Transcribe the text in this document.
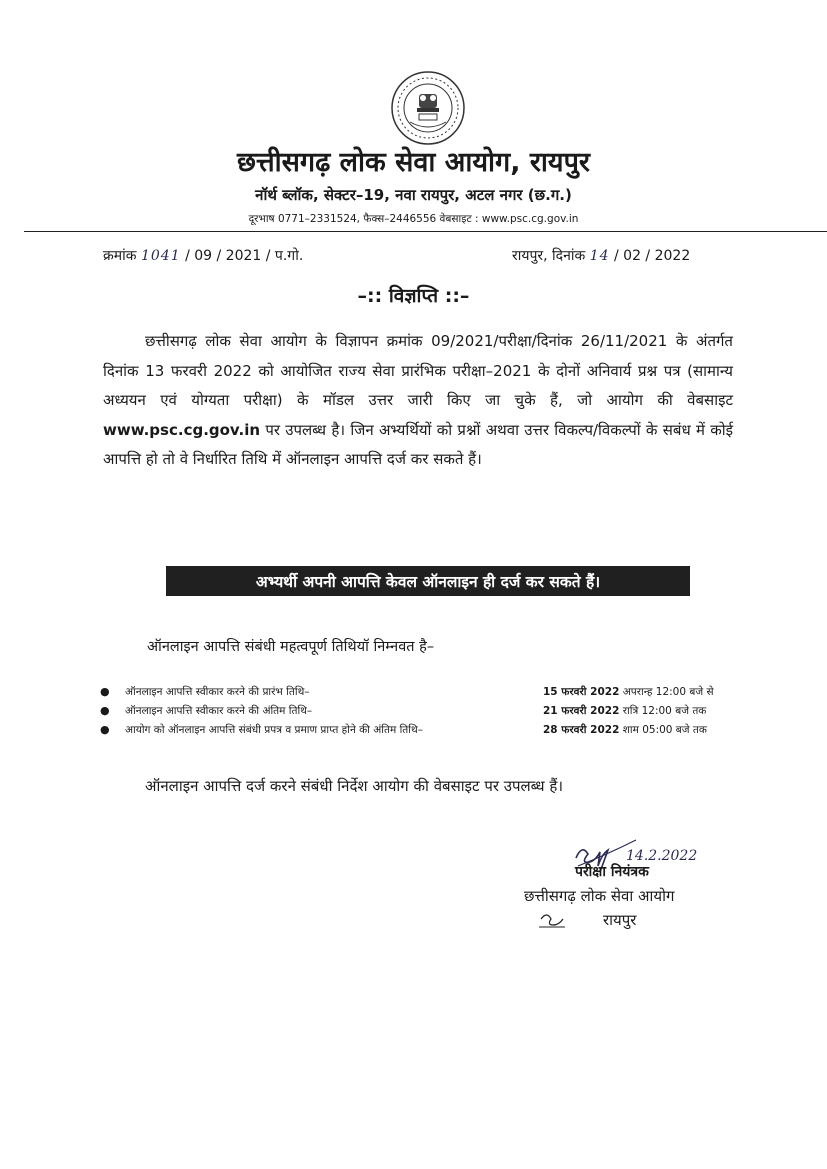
छत्तीसगढ़ लोक सेवा आयोग, रायपुर
नॉर्थ ब्लॉक, सेक्टर–19, नवा रायपुर, अटल नगर (छ.ग.)
दूरभाष 0771–2331524, फैक्स–2446556 वेबसाइट : www.psc.cg.gov.in
क्रमांक 1041 / 09 / 2021 / प.गो.	रायपुर, दिनांक 14 / 02 / 2022
–:: विज्ञप्ति ::–
छत्तीसगढ़ लोक सेवा आयोग के विज्ञापन क्रमांक 09/2021/परीक्षा/दिनांक 26/11/2021 के अंतर्गत दिनांक 13 फरवरी 2022 को आयोजित राज्य सेवा प्रारंभिक परीक्षा–2021 के दोनों अनिवार्य प्रश्न पत्र (सामान्य अध्ययन एवं योग्यता परीक्षा) के मॉडल उत्तर जारी किए जा चुके हैं, जो आयोग की वेबसाइट www.psc.cg.gov.in पर उपलब्ध है। जिन अभ्यर्थियों को प्रश्नों अथवा उत्तर विकल्प/विकल्पों के सबंध में कोई आपत्ति हो तो वे निर्धारित तिथि में ऑनलाइन आपत्ति दर्ज कर सकते हैं।
अभ्यर्थी अपनी आपत्ति केवल ऑनलाइन ही दर्ज कर सकते हैं।
ऑनलाइन आपत्ति संबंधी महत्वपूर्ण तिथियॉ निम्नवत है–
● ऑनलाइन आपत्ति स्वीकार करने की प्रारंभ तिथि–	15 फरवरी 2022 अपरान्ह 12:00 बजे से
● ऑनलाइन आपत्ति स्वीकार करने की अंतिम तिथि–	21 फरवरी 2022 रात्रि 12:00 बजे तक
● आयोग को ऑनलाइन आपत्ति संबंधी प्रपत्र व प्रमाण प्राप्त होने की अंतिम तिथि–	28 फरवरी 2022 शाम 05:00 बजे तक
ऑनलाइन आपत्ति दर्ज करने संबंधी निर्देश आयोग की वेबसाइट पर उपलब्ध हैं।
14.2.2022
परीक्षा नियंत्रक
छत्तीसगढ़ लोक सेवा आयोग
रायपुर
